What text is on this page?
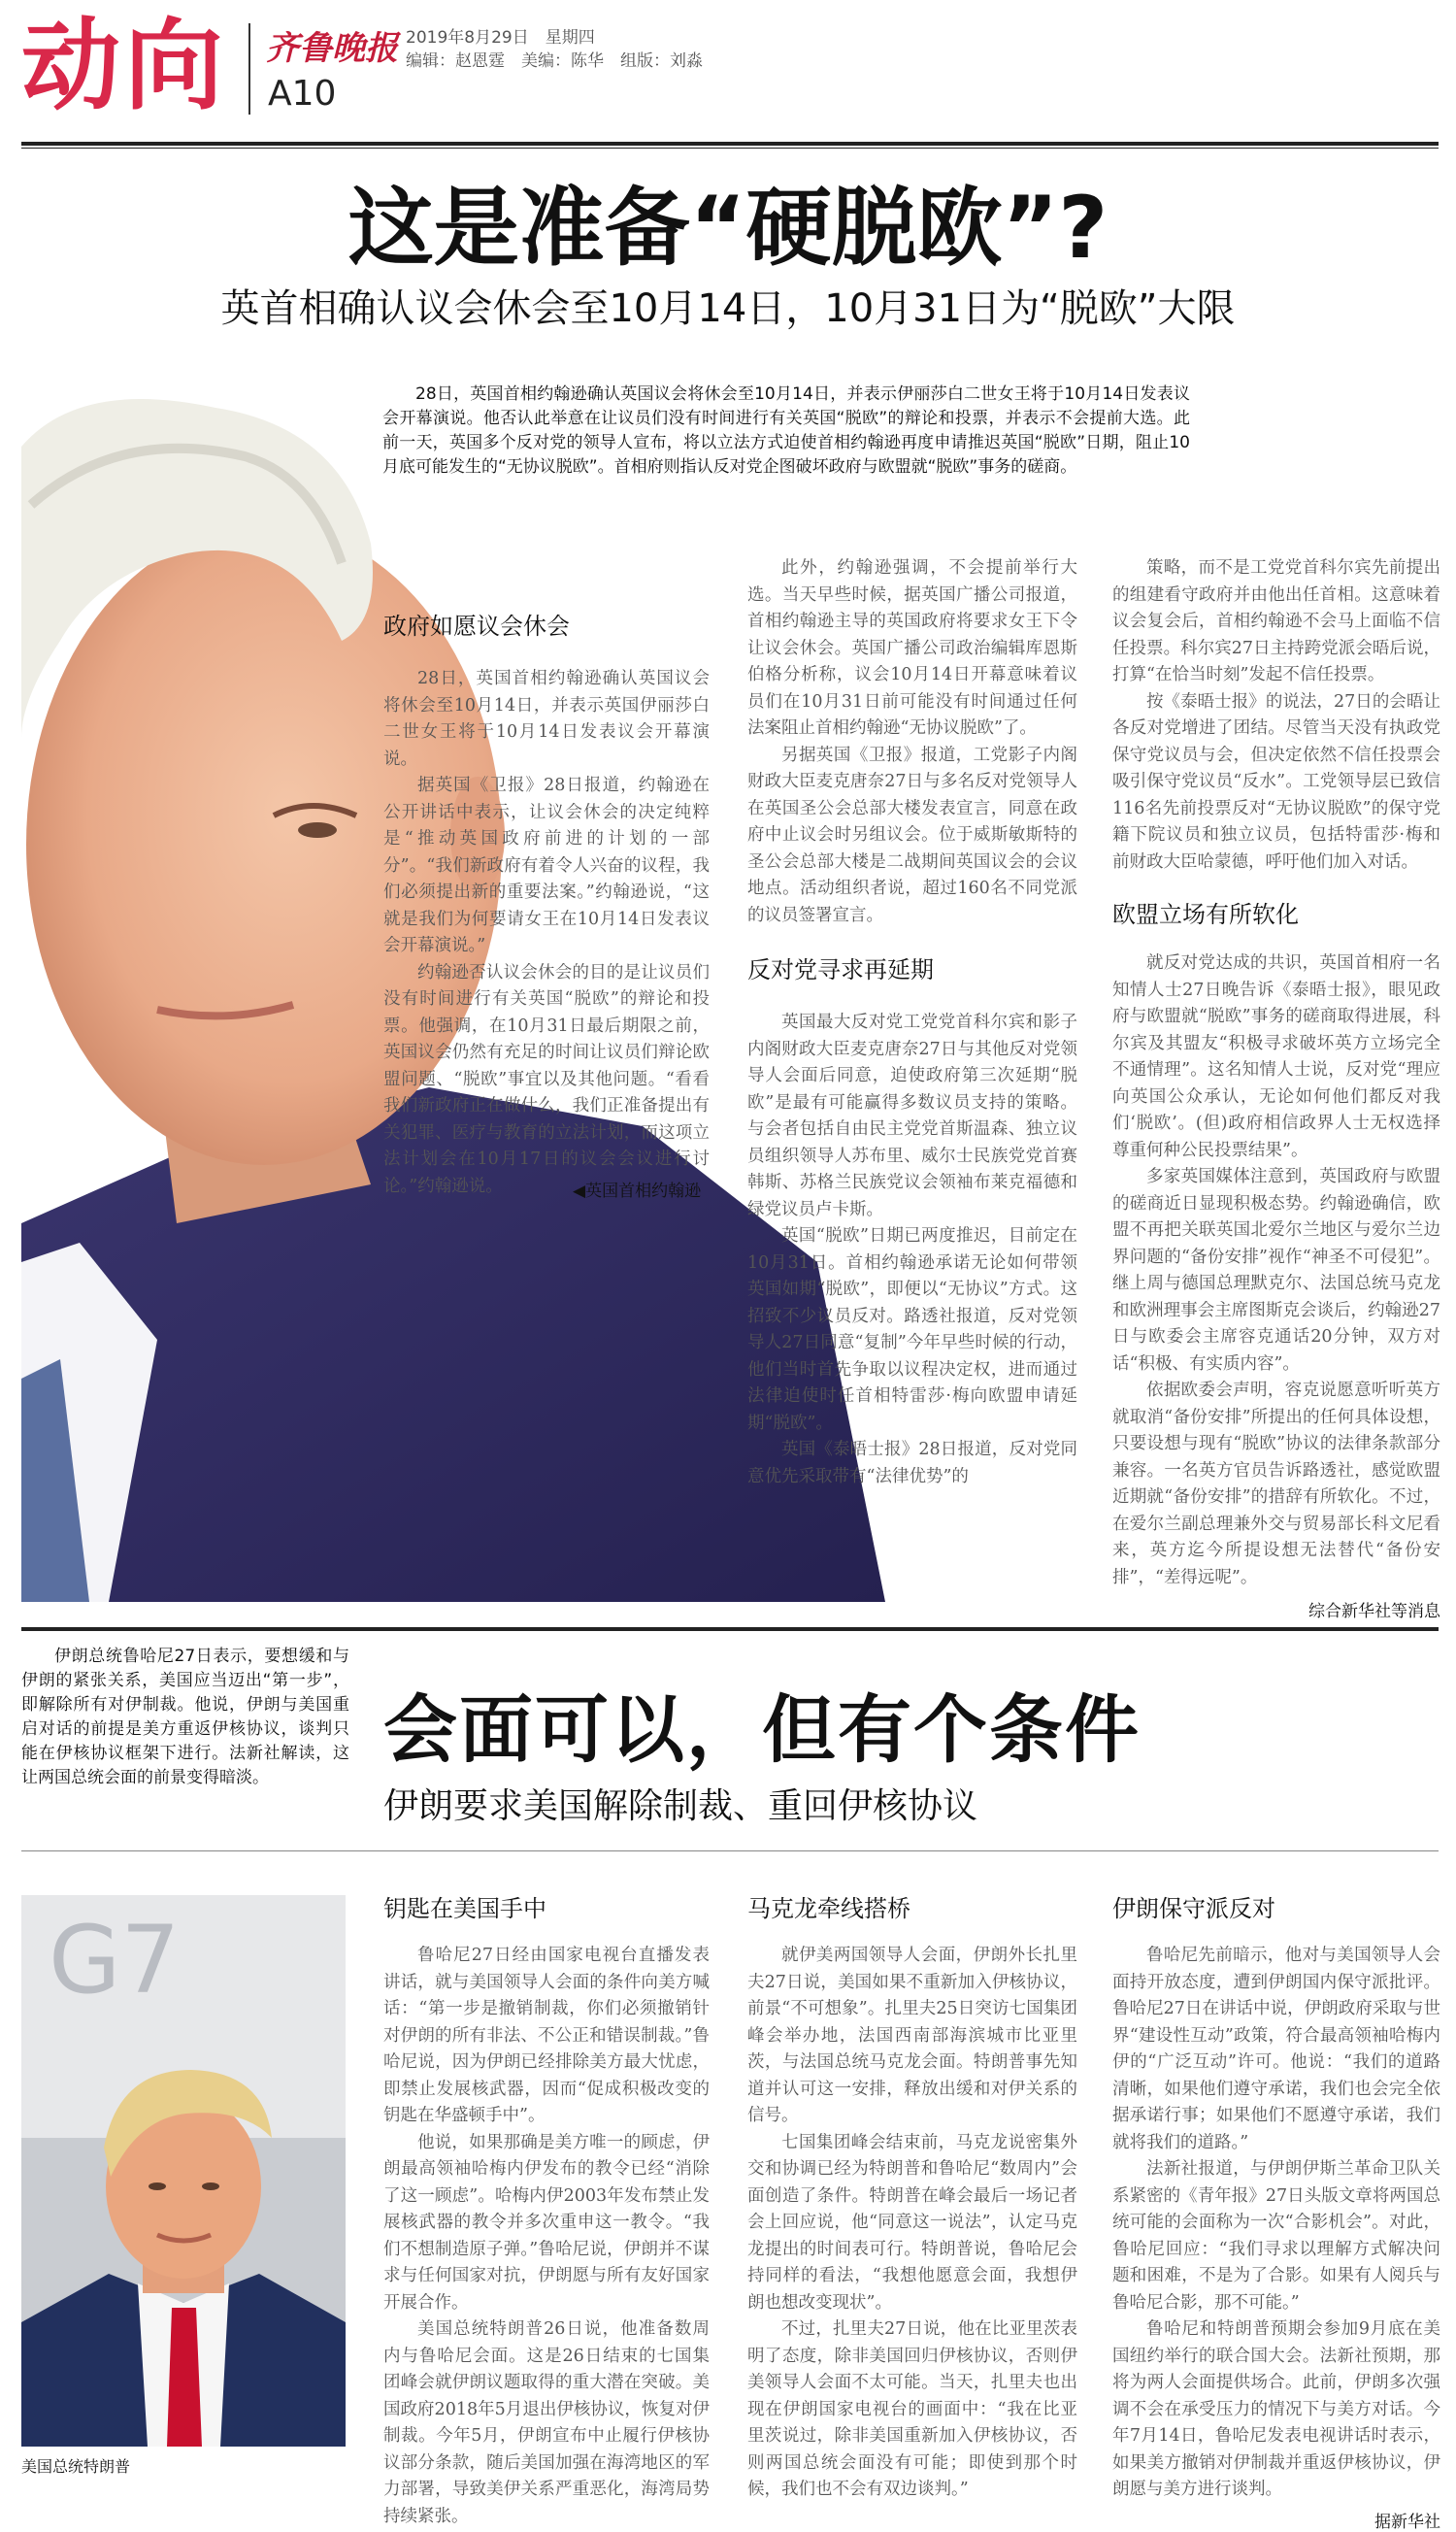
动向 齐鲁晚报
A10
2019年8月29日　星期四
编辑：赵恩霆　美编：陈华　组版：刘淼
这是准备“硬脱欧”?
英首相确认议会休会至10月14日，10月31日为“脱欧”大限
28日，英国首相约翰逊确认英国议会将休会至10月14日，并表示伊丽莎白二世女王将于10月14日发表议会开幕演说。他否认此举意在让议员们没有时间进行有关英国“脱欧”的辩论和投票，并表示不会提前大选。此前一天，英国多个反对党的领导人宣布，将以立法方式迫使首相约翰逊再度申请推迟英国“脱欧”日期，阻止10月底可能发生的“无协议脱欧”。首相府则指认反对党企图破坏政府与欧盟就“脱欧”事务的磋商。
◀英国首相约翰逊
政府如愿议会休会

28日，英国首相约翰逊确认英国议会将休会至10月14日，并表示英国伊丽莎白二世女王将于10月14日发表议会开幕演说。

据英国《卫报》28日报道，约翰逊在公开讲话中表示，让议会休会的决定纯粹是“推动英国政府前进的计划的一部分”。“我们新政府有着令人兴奋的议程，我们必须提出新的重要法案。”约翰逊说，“这就是我们为何要请女王在10月14日发表议会开幕演说。”

约翰逊否认议会休会的目的是让议员们没有时间进行有关英国“脱欧”的辩论和投票。他强调，在10月31日最后期限之前，英国议会仍然有充足的时间让议员们辩论欧盟问题、“脱欧”事宜以及其他问题。“看看我们新政府正在做什么，我们正准备提出有关犯罪、医疗与教育的立法计划，而这项立法计划会在10月17日的议会会议进行讨论。”约翰逊说。

此外，约翰逊强调，不会提前举行大选。当天早些时候，据英国广播公司报道，首相约翰逊主导的英国政府将要求女王下令让议会休会。英国广播公司政治编辑库恩斯伯格分析称，议会10月14日开幕意味着议员们在10月31日前可能没有时间通过任何法案阻止首相约翰逊“无协议脱欧”了。

另据英国《卫报》报道，工党影子内阁财政大臣麦克唐奈27日与多名反对党领导人在英国圣公会总部大楼发表宣言，同意在政府中止议会时另组议会。位于威斯敏斯特的圣公会总部大楼是二战期间英国议会的会议地点。活动组织者说，超过160名不同党派的议员签署宣言。

反对党寻求再延期

英国最大反对党工党党首科尔宾和影子内阁财政大臣麦克唐奈27日与其他反对党领导人会面后同意，迫使政府第三次延期“脱欧”是最有可能赢得多数议员支持的策略。与会者包括自由民主党党首斯温森、独立议员组织领导人苏布里、威尔士民族党党首赛韩斯、苏格兰民族党议会领袖布莱克福德和绿党议员卢卡斯。

英国“脱欧”日期已两度推迟，目前定在10月31日。首相约翰逊承诺无论如何带领英国如期“脱欧”，即便以“无协议”方式。这招致不少议员反对。路透社报道，反对党领导人27日同意“复制”今年早些时候的行动，他们当时首先争取以议程决定权，进而通过法律迫使时任首相特雷莎·梅向欧盟申请延期“脱欧”。

英国《泰晤士报》28日报道，反对党同意优先采取带有“法律优势”的

策略，而不是工党党首科尔宾先前提出的组建看守政府并由他出任首相。这意味着议会复会后，首相约翰逊不会马上面临不信任投票。科尔宾27日主持跨党派会晤后说，打算“在恰当时刻”发起不信任投票。

按《泰晤士报》的说法，27日的会晤让各反对党增进了团结。尽管当天没有执政党保守党议员与会，但决定依然不信任投票会吸引保守党议员“反水”。工党领导层已致信116名先前投票反对“无协议脱欧”的保守党籍下院议员和独立议员，包括特雷莎·梅和前财政大臣哈蒙德，呼吁他们加入对话。

欧盟立场有所软化

就反对党达成的共识，英国首相府一名知情人士27日晚告诉《泰晤士报》，眼见政府与欧盟就“脱欧”事务的磋商取得进展，科尔宾及其盟友“积极寻求破坏英方立场完全不通情理”。这名知情人士说，反对党“理应向英国公众承认，无论如何他们都反对我们‘脱欧’。(但)政府相信政界人士无权选择尊重何种公民投票结果”。

多家英国媒体注意到，英国政府与欧盟的磋商近日显现积极态势。约翰逊确信，欧盟不再把关联英国北爱尔兰地区与爱尔兰边界问题的“备份安排”视作“神圣不可侵犯”。继上周与德国总理默克尔、法国总统马克龙和欧洲理事会主席图斯克会谈后，约翰逊27日与欧委会主席容克通话20分钟，双方对话“积极、有实质内容”。

依据欧委会声明，容克说愿意听听英方就取消“备份安排”所提出的任何具体设想，只要设想与现有“脱欧”协议的法律条款部分兼容。一名英方官员告诉路透社，感觉欧盟近期就“备份安排”的措辞有所软化。不过，在爱尔兰副总理兼外交与贸易部长科文尼看来，英方迄今所提设想无法替代“备份安排”，“差得远呢”。

综合新华社等消息
伊朗总统鲁哈尼27日表示，要想缓和与伊朗的紧张关系，美国应当迈出“第一步”，即解除所有对伊制裁。他说，伊朗与美国重启对话的前提是美方重返伊核协议，谈判只能在伊核协议框架下进行。法新社解读，这让两国总统会面的前景变得暗淡。
会面可以，但有个条件
伊朗要求美国解除制裁、重回伊核协议
G7
美国总统特朗普
钥匙在美国手中

鲁哈尼27日经由国家电视台直播发表讲话，就与美国领导人会面的条件向美方喊话：“第一步是撤销制裁，你们必须撤销针对伊朗的所有非法、不公正和错误制裁。”鲁哈尼说，因为伊朗已经排除美方最大忧虑，即禁止发展核武器，因而“促成积极改变的钥匙在华盛顿手中”。

他说，如果那确是美方唯一的顾虑，伊朗最高领袖哈梅内伊发布的教令已经“消除了这一顾虑”。哈梅内伊2003年发布禁止发展核武器的教令并多次重申这一教令。“我们不想制造原子弹。”鲁哈尼说，伊朗并不谋求与任何国家对抗，伊朗愿与所有友好国家开展合作。

美国总统特朗普26日说，他准备数周内与鲁哈尼会面。这是26日结束的七国集团峰会就伊朗议题取得的重大潜在突破。美国政府2018年5月退出伊核协议，恢复对伊制裁。今年5月，伊朗宣布中止履行伊核协议部分条款，随后美国加强在海湾地区的军力部署，导致美伊关系严重恶化，海湾局势持续紧张。

马克龙牵线搭桥

就伊美两国领导人会面，伊朗外长扎里夫27日说，美国如果不重新加入伊核协议，前景“不可想象”。扎里夫25日突访七国集团峰会举办地，法国西南部海滨城市比亚里茨，与法国总统马克龙会面。特朗普事先知道并认可这一安排，释放出缓和对伊关系的信号。

七国集团峰会结束前，马克龙说密集外交和协调已经为特朗普和鲁哈尼“数周内”会面创造了条件。特朗普在峰会最后一场记者会上回应说，他“同意这一说法”，认定马克龙提出的时间表可行。特朗普说，鲁哈尼会持同样的看法，“我想他愿意会面，我想伊朗也想改变现状”。

不过，扎里夫27日说，他在比亚里茨表明了态度，除非美国回归伊核协议，否则伊美领导人会面不太可能。当天，扎里夫也出现在伊朗国家电视台的画面中：“我在比亚里茨说过，除非美国重新加入伊核协议，否则两国总统会面没有可能；即使到那个时候，我们也不会有双边谈判。”

伊朗保守派反对

鲁哈尼先前暗示，他对与美国领导人会面持开放态度，遭到伊朗国内保守派批评。鲁哈尼27日在讲话中说，伊朗政府采取与世界“建设性互动”政策，符合最高领袖哈梅内伊的“广泛互动”许可。他说：“我们的道路清晰，如果他们遵守承诺，我们也会完全依据承诺行事；如果他们不愿遵守承诺，我们就将我们的道路。”

法新社报道，与伊朗伊斯兰革命卫队关系紧密的《青年报》27日头版文章将两国总统可能的会面称为一次“合影机会”。对此，鲁哈尼回应：“我们寻求以理解方式解决问题和困难，不是为了合影。如果有人阅兵与鲁哈尼合影，那不可能。”

鲁哈尼和特朗普预期会参加9月底在美国纽约举行的联合国大会。法新社预期，那将为两人会面提供场合。此前，伊朗多次强调不会在承受压力的情况下与美方对话。今年7月14日，鲁哈尼发表电视讲话时表示，如果美方撤销对伊制裁并重返伊核协议，伊朗愿与美方进行谈判。

据新华社
